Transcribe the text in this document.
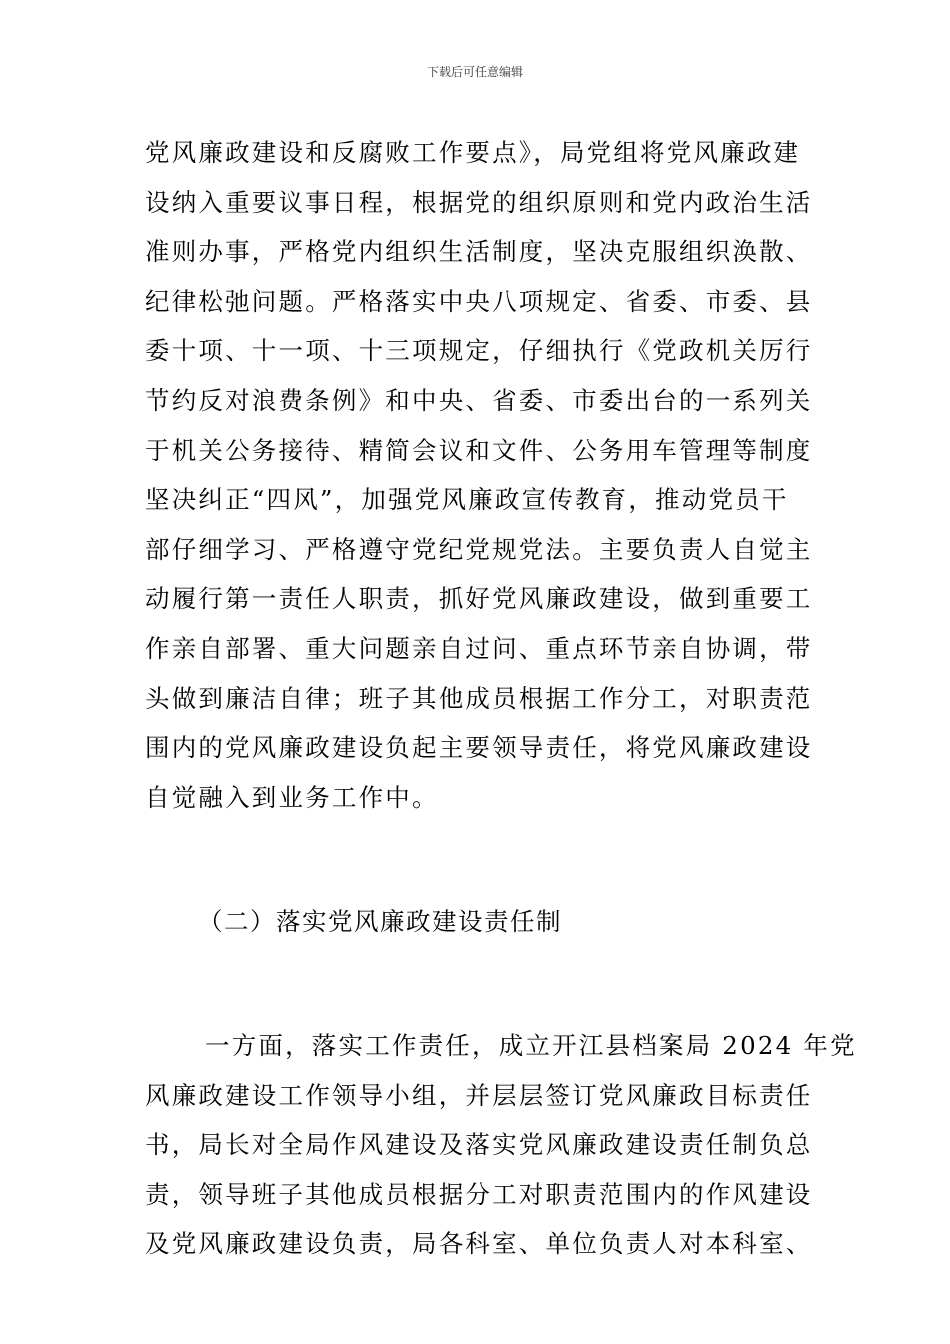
下载后可任意编辑
党风廉政建设和反腐败工作要点》，局党组将党风廉政建
设纳入重要议事日程，根据党的组织原则和党内政治生活
准则办事，严格党内组织生活制度，坚决克服组织涣散、
纪律松弛问题。严格落实中央八项规定、省委、市委、县
委十项、十一项、十三项规定，仔细执行《党政机关厉行
节约反对浪费条例》和中央、省委、市委出台的一系列关
于机关公务接待、精简会议和文件、公务用车管理等制度
坚决纠正“四风”，加强党风廉政宣传教育，推动党员干
部仔细学习、严格遵守党纪党规党法。主要负责人自觉主
动履行第一责任人职责，抓好党风廉政建设，做到重要工
作亲自部署、重大问题亲自过问、重点环节亲自协调，带
头做到廉洁自律；班子其他成员根据工作分工，对职责范
围内的党风廉政建设负起主要领导责任，将党风廉政建设
自觉融入到业务工作中。
（二）落实党风廉政建设责任制
一方面，落实工作责任，成立开江县档案局 2024 年党
风廉政建设工作领导小组，并层层签订党风廉政目标责任
书，局长对全局作风建设及落实党风廉政建设责任制负总
责，领导班子其他成员根据分工对职责范围内的作风建设
及党风廉政建设负责，局各科室、单位负责人对本科室、
